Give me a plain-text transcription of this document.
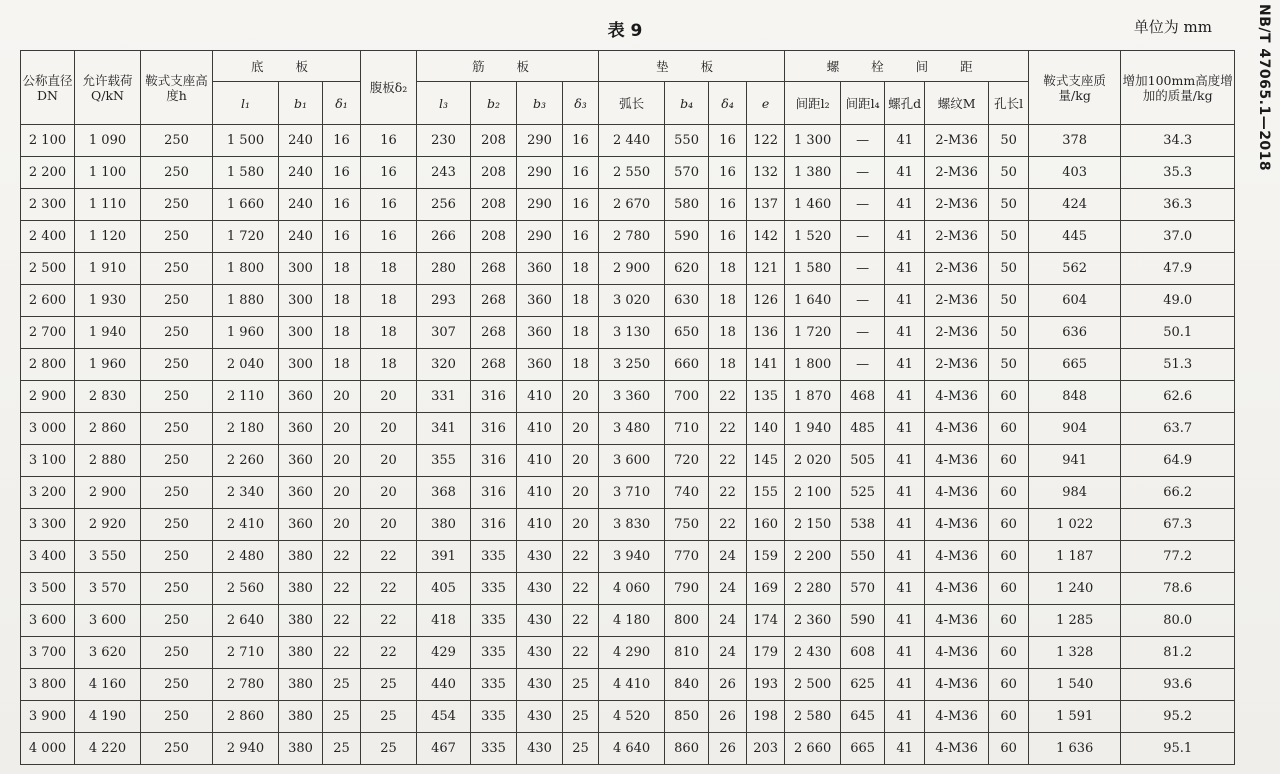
表 9	单位为 mm	NB/T 47065.1—2018
公称直径DN	允许载荷Q/kN	鞍式支座高度h	底 板			腹板δ₂	筋 板				垫 板				螺 栓 间 距					鞍式支座质量/kg	增加100mm高度增加的质量/kg
			l₁	b₁	δ₁		l₃	b₂	b₃	δ₃	弧长	b₄	δ₄	e	间距l₂	间距l₄	螺孔d	螺纹M	孔长l		
2 100	1 090	250	1 500	240	16	16	230	208	290	16	2 440	550	16	122	1 300	—	41	2-M36	50	378	34.3
2 200	1 100	250	1 580	240	16	16	243	208	290	16	2 550	570	16	132	1 380	—	41	2-M36	50	403	35.3
2 300	1 110	250	1 660	240	16	16	256	208	290	16	2 670	580	16	137	1 460	—	41	2-M36	50	424	36.3
2 400	1 120	250	1 720	240	16	16	266	208	290	16	2 780	590	16	142	1 520	—	41	2-M36	50	445	37.0
2 500	1 910	250	1 800	300	18	18	280	268	360	18	2 900	620	18	121	1 580	—	41	2-M36	50	562	47.9
2 600	1 930	250	1 880	300	18	18	293	268	360	18	3 020	630	18	126	1 640	—	41	2-M36	50	604	49.0
2 700	1 940	250	1 960	300	18	18	307	268	360	18	3 130	650	18	136	1 720	—	41	2-M36	50	636	50.1
2 800	1 960	250	2 040	300	18	18	320	268	360	18	3 250	660	18	141	1 800	—	41	2-M36	50	665	51.3
2 900	2 830	250	2 110	360	20	20	331	316	410	20	3 360	700	22	135	1 870	468	41	4-M36	60	848	62.6
3 000	2 860	250	2 180	360	20	20	341	316	410	20	3 480	710	22	140	1 940	485	41	4-M36	60	904	63.7
3 100	2 880	250	2 260	360	20	20	355	316	410	20	3 600	720	22	145	2 020	505	41	4-M36	60	941	64.9
3 200	2 900	250	2 340	360	20	20	368	316	410	20	3 710	740	22	155	2 100	525	41	4-M36	60	984	66.2
3 300	2 920	250	2 410	360	20	20	380	316	410	20	3 830	750	22	160	2 150	538	41	4-M36	60	1 022	67.3
3 400	3 550	250	2 480	380	22	22	391	335	430	22	3 940	770	24	159	2 200	550	41	4-M36	60	1 187	77.2
3 500	3 570	250	2 560	380	22	22	405	335	430	22	4 060	790	24	169	2 280	570	41	4-M36	60	1 240	78.6
3 600	3 600	250	2 640	380	22	22	418	335	430	22	4 180	800	24	174	2 360	590	41	4-M36	60	1 285	80.0
3 700	3 620	250	2 710	380	22	22	429	335	430	22	4 290	810	24	179	2 430	608	41	4-M36	60	1 328	81.2
3 800	4 160	250	2 780	380	25	25	440	335	430	25	4 410	840	26	193	2 500	625	41	4-M36	60	1 540	93.6
3 900	4 190	250	2 860	380	25	25	454	335	430	25	4 520	850	26	198	2 580	645	41	4-M36	60	1 591	95.2
4 000	4 220	250	2 940	380	25	25	467	335	430	25	4 640	860	26	203	2 660	665	41	4-M36	60	1 636	95.1
